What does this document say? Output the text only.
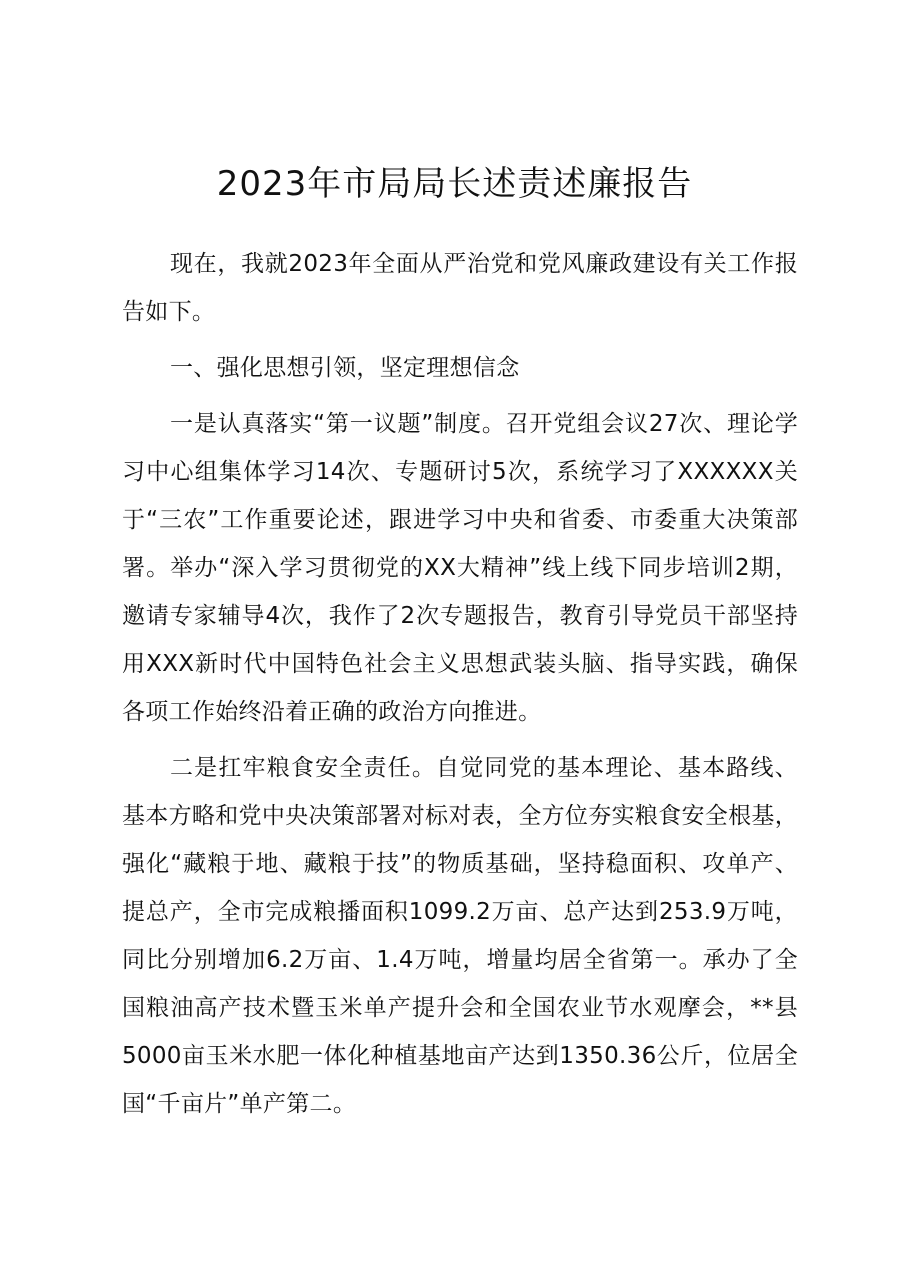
2023年市局局长述责述廉报告

现在，我就2023年全面从严治党和党风廉政建设有关工作报告如下。

一、强化思想引领，坚定理想信念

一是认真落实“第一议题”制度。召开党组会议27次、理论学习中心组集体学习14次、专题研讨5次，系统学习了XXXXXX关于“三农”工作重要论述，跟进学习中央和省委、市委重大决策部署。举办“深入学习贯彻党的XX大精神”线上线下同步培训2期，邀请专家辅导4次，我作了2次专题报告，教育引导党员干部坚持用XXX新时代中国特色社会主义思想武装头脑、指导实践，确保各项工作始终沿着正确的政治方向推进。

二是扛牢粮食安全责任。自觉同党的基本理论、基本路线、基本方略和党中央决策部署对标对表，全方位夯实粮食安全根基，强化“藏粮于地、藏粮于技”的物质基础，坚持稳面积、攻单产、提总产，全市完成粮播面积1099.2万亩、总产达到253.9万吨，同比分别增加6.2万亩、1.4万吨，增量均居全省第一。承办了全国粮油高产技术暨玉米单产提升会和全国农业节水观摩会，**县5000亩玉米水肥一体化种植基地亩产达到1350.36公斤，位居全国“千亩片”单产第二。
